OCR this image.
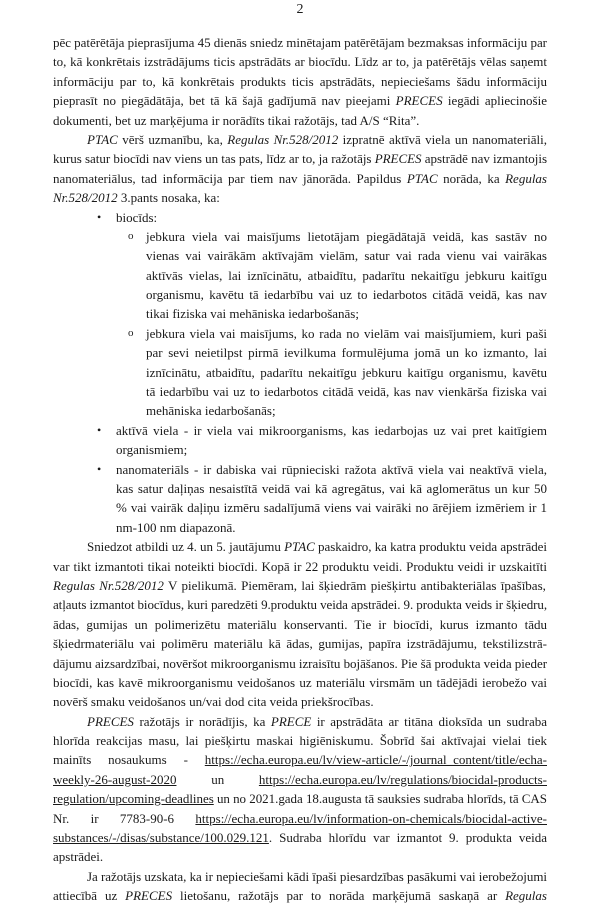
2
pēc patērētāja pieprasījuma 45 dienās sniedz minētajam patērētājam bezmaksas informāciju par
to, kā konkrētais izstrādājums ticis apstrādāts ar biocīdu. Līdz ar to, ja patērētājs vēlas saņemt
informāciju par to, kā konkrētais produkts ticis apstrādāts, nepieciešams šādu informāciju
pieprasīt no piegādātāja, bet tā kā šajā gadījumā nav pieejami PRECES iegādi apliecinošie
dokumenti, bet uz marķējuma ir norādīts tikai ražotājs, tad A/S “Rita”.
PTAC vērš uzmanību, ka, Regulas Nr.528/2012 izpratnē aktīvā viela un nanomateriāli,
kurus satur biocīdi nav viens un tas pats, līdz ar to, ja ražotājs PRECES apstrādē nav izmantojis
nanomateriālus, tad informācija par tiem nav jānorāda. Papildus PTAC norāda, ka Regulas
Nr.528/2012 3.pants nosaka, ka:
• biocīds:
o jebkura viela vai maisījums lietotājam piegādātajā veidā, kas sastāv no
vienas vai vairākām aktīvajām vielām, satur vai rada vienu vai vairākas
aktīvās vielas, lai iznīcinātu, atbaidītu, padarītu nekaitīgu jebkuru kaitīgu
organismu, kavētu tā iedarbību vai uz to iedarbotos citādā veidā, kas nav
tikai fiziska vai mehāniska iedarbošanās;
o jebkura viela vai maisījums, ko rada no vielām vai maisījumiem, kuri paši
par sevi neietilpst pirmā ievilkuma formulējuma jomā un ko izmanto, lai
iznīcinātu, atbaidītu, padarītu nekaitīgu jebkuru kaitīgu organismu, kavētu
tā iedarbību vai uz to iedarbotos citādā veidā, kas nav vienkārša fiziska vai
mehāniska iedarbošanās;
• aktīvā viela - ir viela vai mikroorganisms, kas iedarbojas uz vai pret kaitīgiem
organismiem;
• nanomateriāls - ir dabiska vai rūpnieciski ražota aktīvā viela vai neaktīvā viela,
kas satur daļiņas nesaistītā veidā vai kā agregātus, vai kā aglomerātus un kur 50
% vai vairāk daļiņu izmēru sadalījumā viens vai vairāki no ārējiem izmēriem ir 1
nm-100 nm diapazonā.
Sniedzot atbildi uz 4. un 5. jautājumu PTAC paskaidro, ka katra produktu veida apstrādei
var tikt izmantoti tikai noteikti biocīdi. Kopā ir 22 produktu veidi. Produktu veidi ir uzskaitīti
Regulas Nr.528/2012 V pielikumā. Piemēram, lai šķiedrām piešķirtu antibakteriālas īpašības,
atļauts izmantot biocīdus, kuri paredzēti 9.produktu veida apstrādei. 9. produkta veids ir šķiedru,
ādas, gumijas un polimerizētu materiālu konservanti. Tie ir biocīdi, kurus izmanto tādu
šķiedrmateriālu vai polimēru materiālu kā ādas, gumijas, papīra izstrādājumu, tekstilizstrā-
dājumu aizsardzībai, novēršot mikroorganismu izraisītu bojāšanos. Pie šā produkta veida pieder
biocīdi, kas kavē mikroorganismu veidošanos uz materiālu virsmām un tādējādi ierobežo vai
novērš smaku veidošanos un/vai dod cita veida priekšrocības.
PRECES ražotājs ir norādījis, ka PRECE ir apstrādāta ar titāna dioksīda un sudraba
hlorīda reakcijas masu, lai piešķirtu maskai higiēniskumu. Šobrīd šai aktīvajai vielai tiek
mainīts nosaukums - https://echa.europa.eu/lv/view-article/-/journal_content/title/echa-
weekly-26-august-2020 un https://echa.europa.eu/lv/regulations/biocidal-products-
regulation/upcoming-deadlines un no 2021.gada 18.augusta tā sauksies sudraba hlorīds, tā CAS
Nr. ir 7783-90-6 https://echa.europa.eu/lv/information-on-chemicals/biocidal-active-
substances/-/disas/substance/100.029.121. Sudraba hlorīdu var izmantot 9. produkta veida
apstrādei.
Ja ražotājs uzskata, ka ir nepieciešami kādi īpaši piesardzības pasākumi vai ierobežojumi
attiecībā uz PRECES lietošanu, ražotājs par to norāda marķējumā saskaņā ar Regulas
